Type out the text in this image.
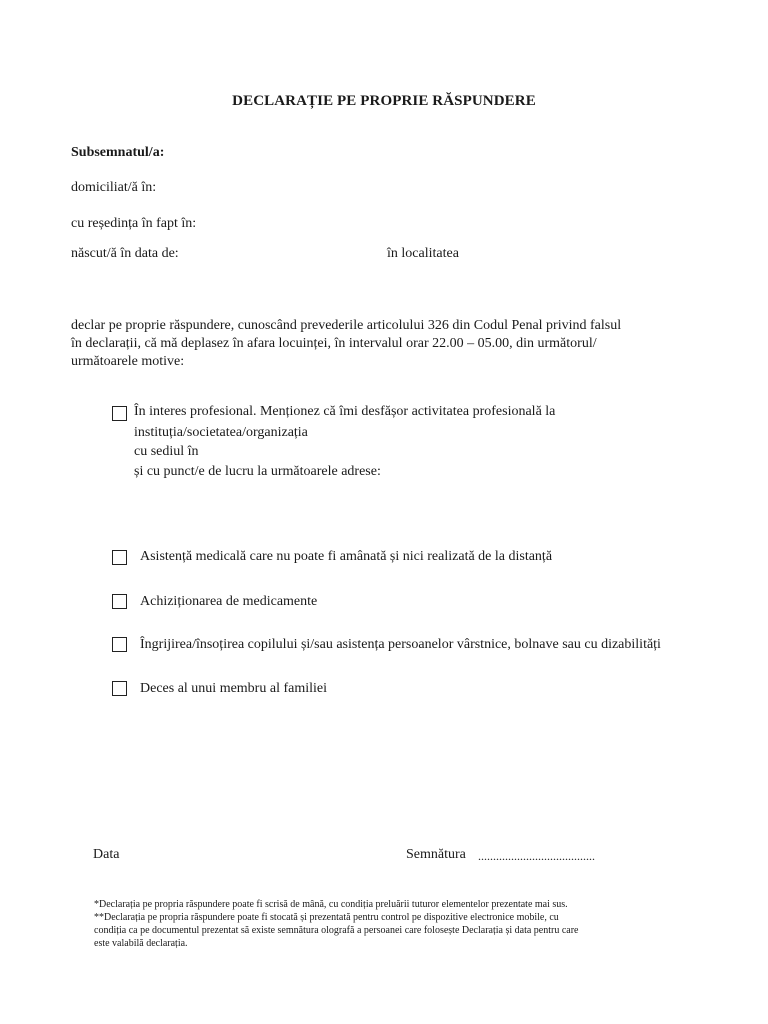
DECLARAȚIE PE PROPRIE RĂSPUNDERE
Subsemnatul/a:
domiciliat/ă în:
cu reședința în fapt în:
născut/ă în data de:	în localitatea
declar pe proprie răspundere, cunoscând prevederile articolului 326 din Codul Penal privind falsul
în declarații, că mă deplasez în afara locuinței, în intervalul orar 22.00 – 05.00, din următorul/
următoarele motive:
În interes profesional. Menționez că îmi desfășor activitatea profesională la
instituția/societatea/organizația
cu sediul în
și cu punct/e de lucru la următoarele adrese:
Asistență medicală care nu poate fi amânată și nici realizată de la distanță
Achiziționarea de medicamente
Îngrijirea/însoțirea copilului și/sau asistența persoanelor vârstnice, bolnave sau cu dizabilități
Deces al unui membru al familiei
Data	Semnătura .......................................
*Declarația pe propria răspundere poate fi scrisă de mână, cu condiția preluării tuturor elementelor prezentate mai sus.
**Declarația pe propria răspundere poate fi stocată și prezentată pentru control pe dispozitive electronice mobile, cu
condiția ca pe documentul prezentat să existe semnătura olografă a persoanei care folosește Declarația și data pentru care
este valabilă declarația.
